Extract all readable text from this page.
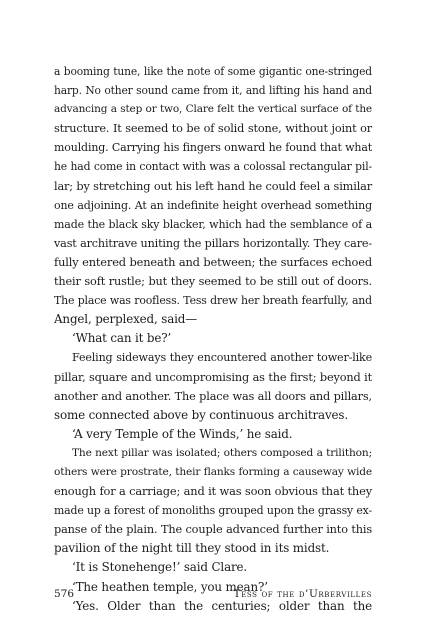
a booming tune, like the note of some gigantic one-stringed
harp. No other sound came from it, and lifting his hand and
advancing a step or two, Clare felt the vertical surface of the
structure. It seemed to be of solid stone, without joint or
moulding. Carrying his fingers onward he found that what
he had come in contact with was a colossal rectangular pil-
lar; by stretching out his left hand he could feel a similar
one adjoining. At an indefinite height overhead something
made the black sky blacker, which had the semblance of a
vast architrave uniting the pillars horizontally. They care-
fully entered beneath and between; the surfaces echoed
their soft rustle; but they seemed to be still out of doors.
The place was roofless. Tess drew her breath fearfully, and
Angel, perplexed, said—
‘What can it be?’
Feeling sideways they encountered another tower-like
pillar, square and uncompromising as the first; beyond it
another and another. The place was all doors and pillars,
some connected above by continuous architraves.
‘A very Temple of the Winds,’ he said.
The next pillar was isolated; others composed a trilithon;
others were prostrate, their flanks forming a causeway wide
enough for a carriage; and it was soon obvious that they
made up a forest of monoliths grouped upon the grassy ex-
panse of the plain. The couple advanced further into this
pavilion of the night till they stood in its midst.
‘It is Stonehenge!’ said Clare.
‘The heathen temple, you mean?’
‘Yes. Older than the centuries; older than the
576	Tess of the d’Urbervilles
